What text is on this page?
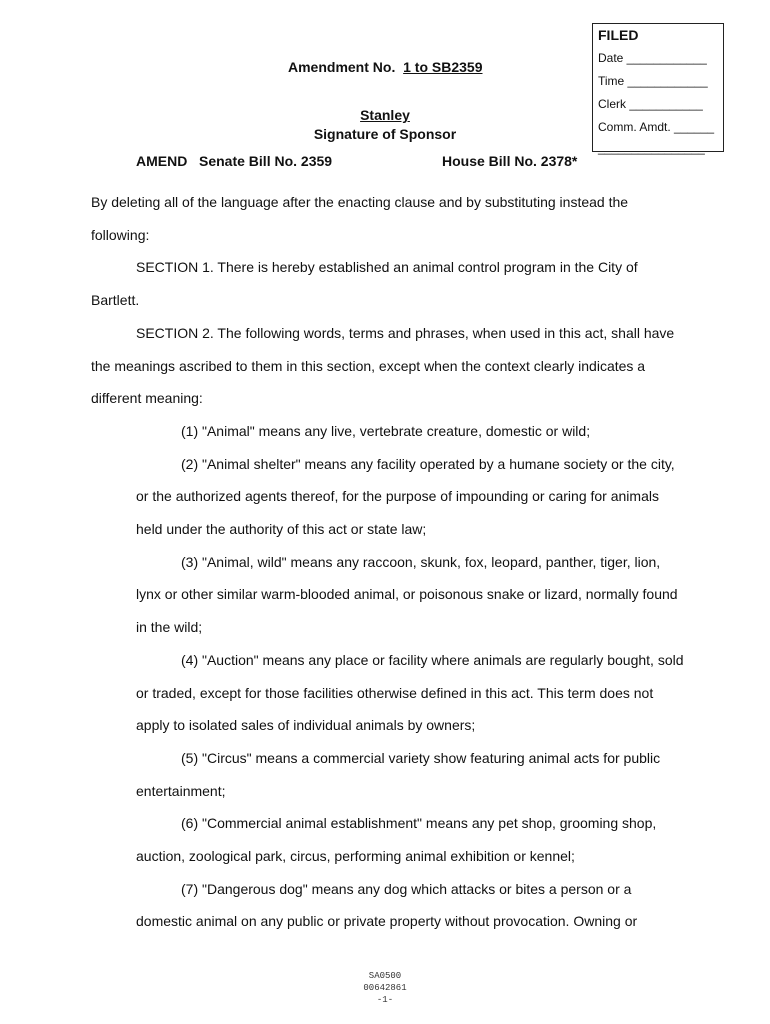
FILED
Date ____________
Time ____________
Clerk ___________
Comm. Amdt. ______
________________
Amendment No. 1 to SB2359
Stanley
Signature of Sponsor
AMEND Senate Bill No. 2359	House Bill No. 2378*

By deleting all of the language after the enacting clause and by substituting instead the

following:

SECTION 1. There is hereby established an animal control program in the City of

Bartlett.

SECTION 2. The following words, terms and phrases, when used in this act, shall have

the meanings ascribed to them in this section, except when the context clearly indicates a

different meaning:

(1) "Animal" means any live, vertebrate creature, domestic or wild;

(2) "Animal shelter" means any facility operated by a humane society or the city,

or the authorized agents thereof, for the purpose of impounding or caring for animals

held under the authority of this act or state law;

(3) "Animal, wild" means any raccoon, skunk, fox, leopard, panther, tiger, lion,

lynx or other similar warm-blooded animal, or poisonous snake or lizard, normally found

in the wild;

(4) "Auction" means any place or facility where animals are regularly bought, sold

or traded, except for those facilities otherwise defined in this act. This term does not

apply to isolated sales of individual animals by owners;

(5) "Circus" means a commercial variety show featuring animal acts for public

entertainment;

(6) "Commercial animal establishment" means any pet shop, grooming shop,

auction, zoological park, circus, performing animal exhibition or kennel;

(7) "Dangerous dog" means any dog which attacks or bites a person or a

domestic animal on any public or private property without provocation. Owning or

SA0500
00642861
-1-
